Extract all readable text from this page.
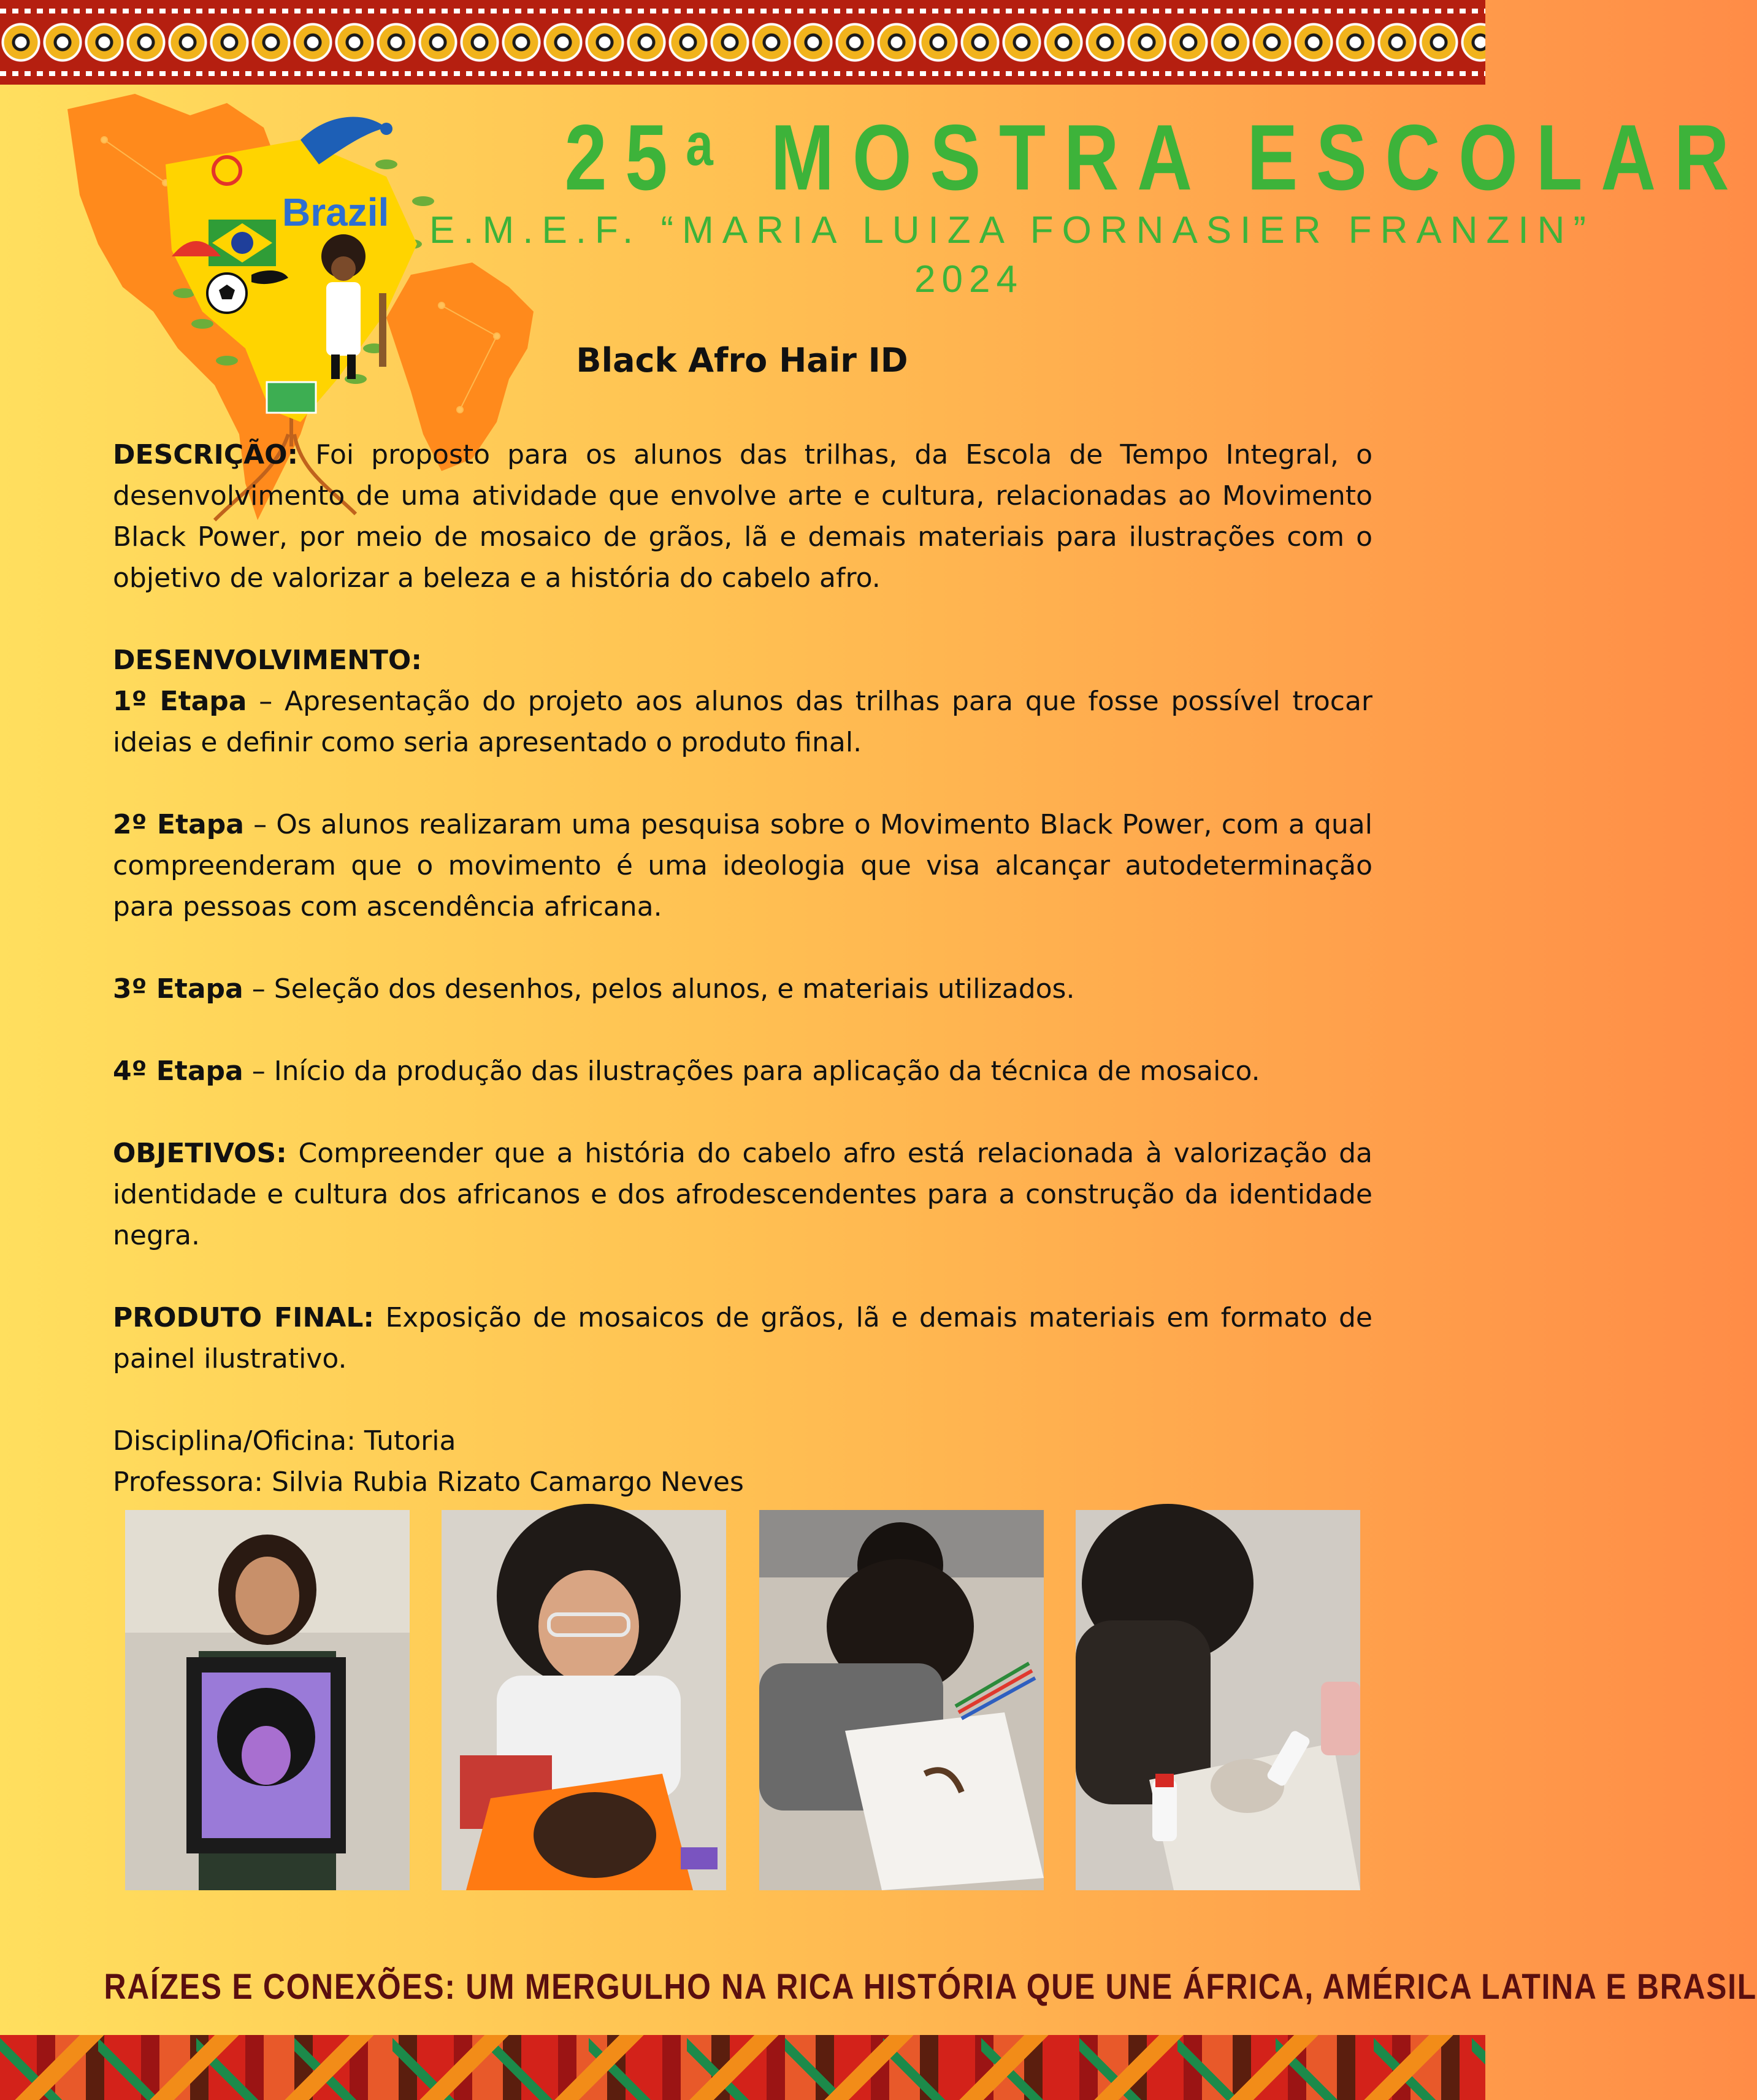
Brazil
25$^a$ MOSTRA ESCOLAR
E.M.E.F. “MARIA LUIZA FORNASIER FRANZIN”
2024
Black Afro Hair ID

DESCRIÇÃO: Foi proposto para os alunos das trilhas, da Escola de Tempo Integral, o desenvolvimento de uma atividade que envolve arte e cultura, relacionadas ao Movimento Black Power, por meio de mosaico de grãos, lã e demais materiais para ilustrações com o objetivo de valorizar a beleza e a história do cabelo afro.

DESENVOLVIMENTO:

1º Etapa – Apresentação do projeto aos alunos das trilhas para que fosse possível trocar ideias e definir como seria apresentado o produto final.

2º Etapa – Os alunos realizaram uma pesquisa sobre o Movimento Black Power, com a qual compreenderam que o movimento é uma ideologia que visa alcançar autodeterminação para pessoas com ascendência africana.

3º Etapa – Seleção dos desenhos, pelos alunos, e materiais utilizados.

4º Etapa – Início da produção das ilustrações para aplicação da técnica de mosaico.

OBJETIVOS: Compreender que a história do cabelo afro está relacionada à valorização da identidade e cultura dos africanos e dos afrodescendentes para a construção da identidade negra.

PRODUTO FINAL: Exposição de mosaicos de grãos, lã e demais materiais em formato de painel ilustrativo.

Disciplina/Oficina: Tutoria

Professora: Silvia Rubia Rizato Camargo Neves

RAÍZES E CONEXÕES: UM MERGULHO NA RICA HISTÓRIA QUE UNE ÁFRICA, AMÉRICA LATINA E BRASIL
